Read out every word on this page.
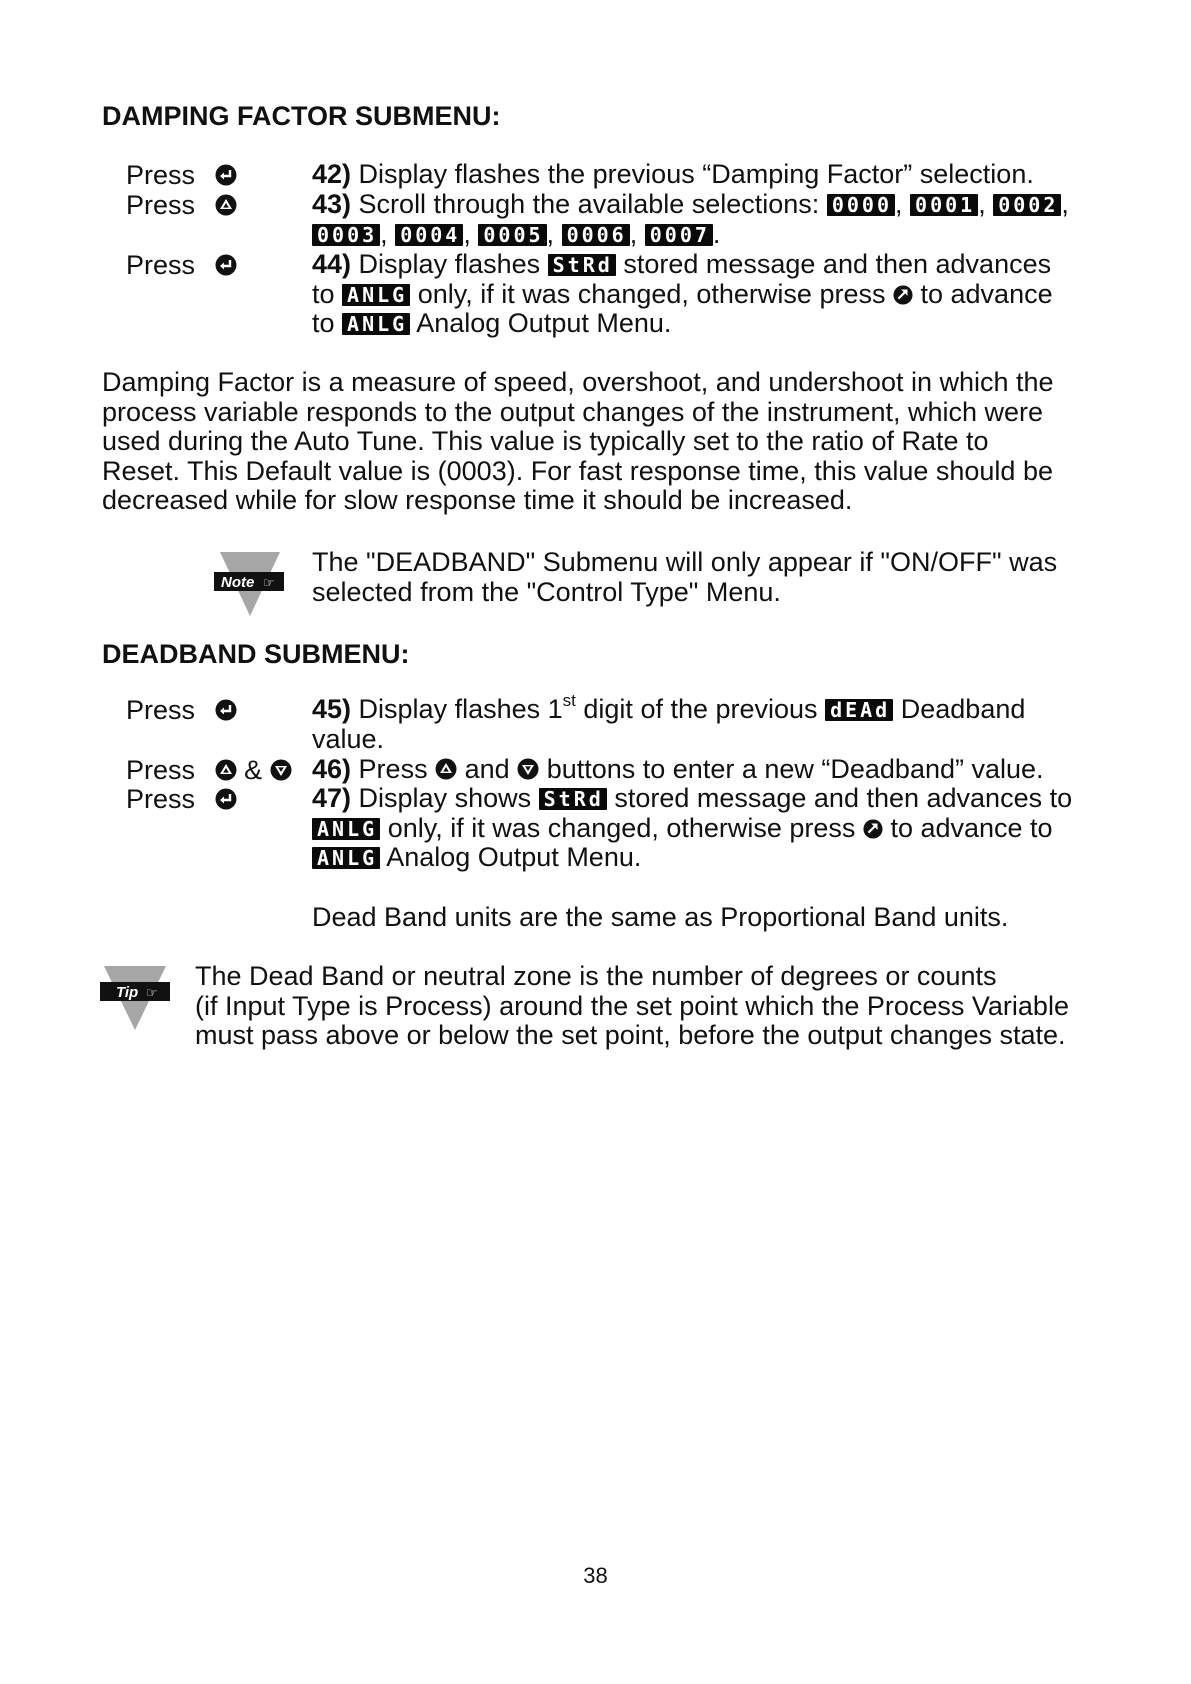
DAMPING FACTOR SUBMENU:
Press	42) Display flashes the previous “Damping Factor” selection.
Press	43) Scroll through the available selections: 0000 , 0001 , 0002 , 0003 , 0004 , 0005 , 0006 , 0007 .
Press	44) Display flashes StRd stored message and then advances
to ANLG only, if it was changed, otherwise press to advance
to ANLG Analog Output Menu.
Damping Factor is a measure of speed, overshoot, and undershoot in which the
process variable responds to the output changes of the instrument, which were
used during the Auto Tune. This value is typically set to the ratio of Rate to
Reset. This Default value is (0003). For fast response time, this value should be
decreased while for slow response time it should be increased.
Note ☞
The "DEADBAND" Submenu will only appear if "ON/OFF" was
selected from the "Control Type" Menu.
DEADBAND SUBMENU:
Press	45) Display flashes 1st digit of the previous dEAd Deadband
value.
Press &	46) Press and buttons to enter a new “Deadband” value.
Press	47) Display shows StRd stored message and then advances to
ANLG only, if it was changed, otherwise press to advance to
ANLG Analog Output Menu.
Dead Band units are the same as Proportional Band units.
Tip ☞
The Dead Band or neutral zone is the number of degrees or counts
(if Input Type is Process) around the set point which the Process Variable
must pass above or below the set point, before the output changes state.
38
